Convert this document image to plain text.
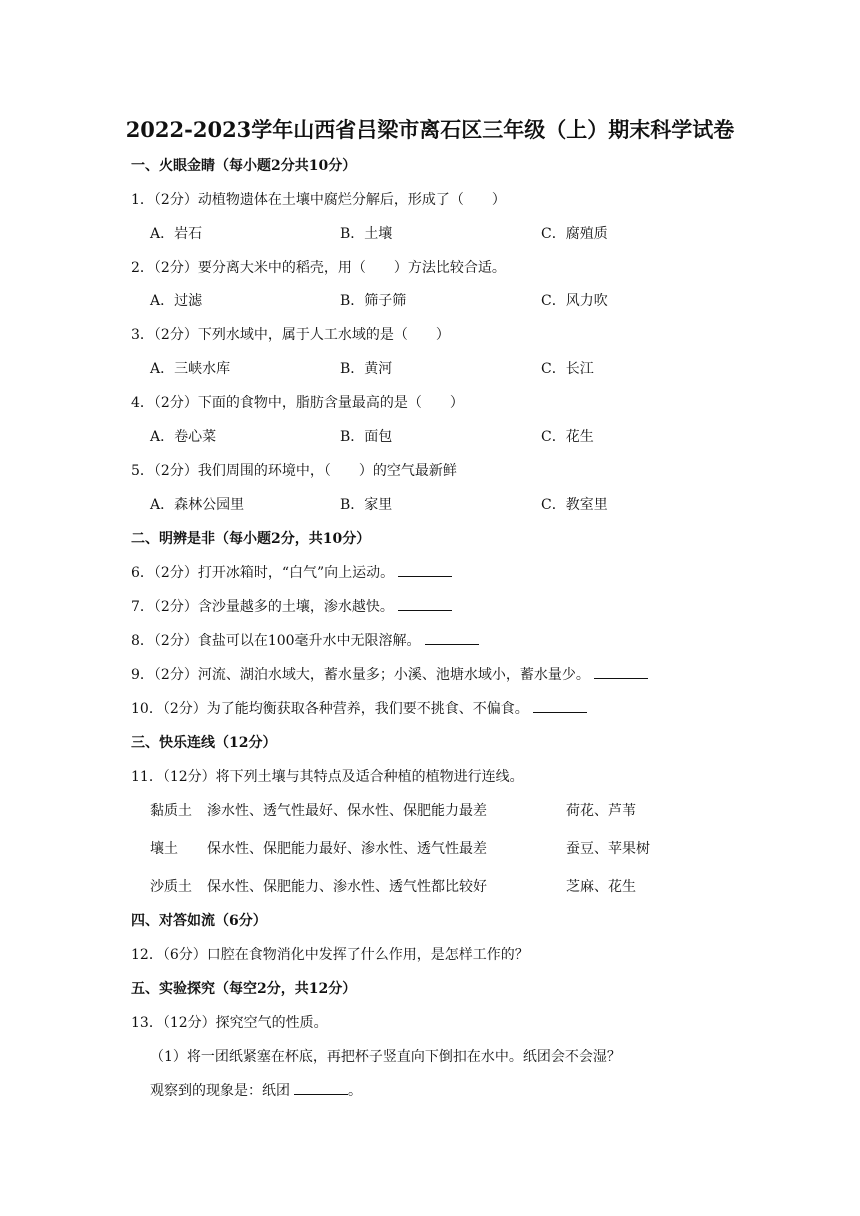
2022-2023学年山西省吕梁市离石区三年级（上）期末科学试卷
一、火眼金睛（每小题2分共10分）
1．（2分）动植物遗体在土壤中腐烂分解后，形成了（　　）
A．岩石	B．土壤	C．腐殖质
2．（2分）要分离大米中的稻壳，用（　　）方法比较合适。
A．过滤	B．筛子筛	C．风力吹
3．（2分）下列水域中，属于人工水域的是（　　）
A．三峡水库	B．黄河	C．长江
4．（2分）下面的食物中，脂肪含量最高的是（　　）
A．卷心菜	B．面包	C．花生
5．（2分）我们周围的环境中，（　　）的空气最新鲜
A．森林公园里	B．家里	C．教室里
二、明辨是非（每小题2分，共10分）
6．（2分）打开冰箱时，“白气”向上运动。
7．（2分）含沙量越多的土壤，渗水越快。
8．（2分）食盐可以在100毫升水中无限溶解。
9．（2分）河流、湖泊水域大，蓄水量多；小溪、池塘水域小，蓄水量少。
10．（2分）为了能均衡获取各种营养，我们要不挑食、不偏食。
三、快乐连线（12分）
11．（12分）将下列土壤与其特点及适合种植的植物进行连线。
黏质土 渗水性、透气性最好、保水性、保肥能力最差	荷花、芦苇
壤土 保水性、保肥能力最好、渗水性、透气性最差	蚕豆、苹果树
沙质土 保水性、保肥能力、渗水性、透气性都比较好	芝麻、花生
四、对答如流（6分）
12．（6分）口腔在食物消化中发挥了什么作用，是怎样工作的？
五、实验探究（每空2分，共12分）
13．（12分）探究空气的性质。
（1）将一团纸紧塞在杯底，再把杯子竖直向下倒扣在水中。纸团会不会湿？
观察到的现象是：纸团	。
